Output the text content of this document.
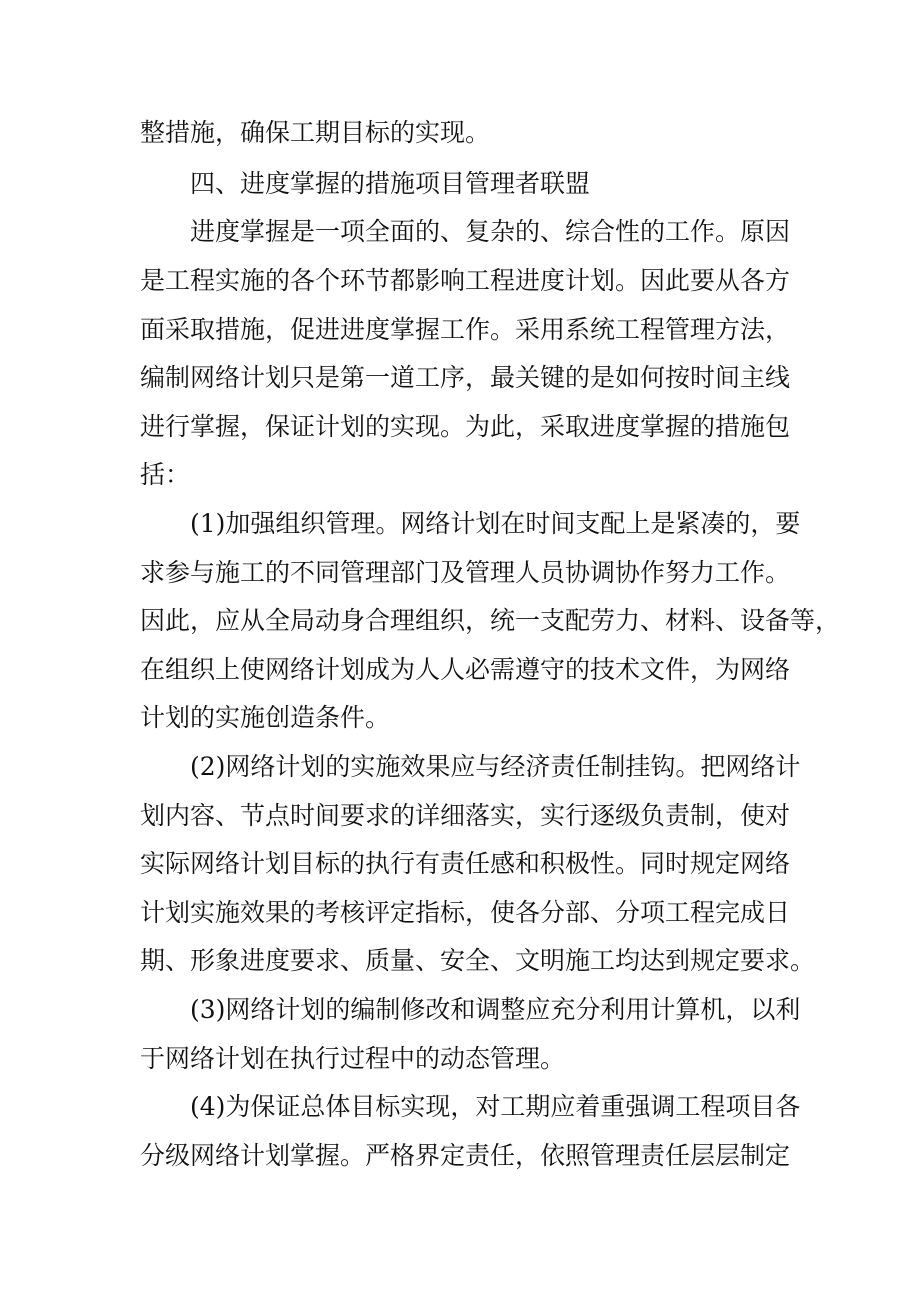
整措施，确保工期目标的实现。
四、进度掌握的措施项目管理者联盟
进度掌握是一项全面的、复杂的、综合性的工作。原因
是工程实施的各个环节都影响工程进度计划。因此要从各方
面采取措施，促进进度掌握工作。采用系统工程管理方法，
编制网络计划只是第一道工序，最关键的是如何按时间主线
进行掌握，保证计划的实现。为此，采取进度掌握的措施包
括：
(1)加强组织管理。网络计划在时间支配上是紧凑的，要
求参与施工的不同管理部门及管理人员协调协作努力工作。
因此，应从全局动身合理组织，统一支配劳力、材料、设备等，
在组织上使网络计划成为人人必需遵守的技术文件，为网络
计划的实施创造条件。
(2)网络计划的实施效果应与经济责任制挂钩。把网络计
划内容、节点时间要求的详细落实，实行逐级负责制，使对
实际网络计划目标的执行有责任感和积极性。同时规定网络
计划实施效果的考核评定指标，使各分部、分项工程完成日
期、形象进度要求、质量、安全、文明施工均达到规定要求。
(3)网络计划的编制修改和调整应充分利用计算机，以利
于网络计划在执行过程中的动态管理。
(4)为保证总体目标实现，对工期应着重强调工程项目各
分级网络计划掌握。严格界定责任，依照管理责任层层制定
